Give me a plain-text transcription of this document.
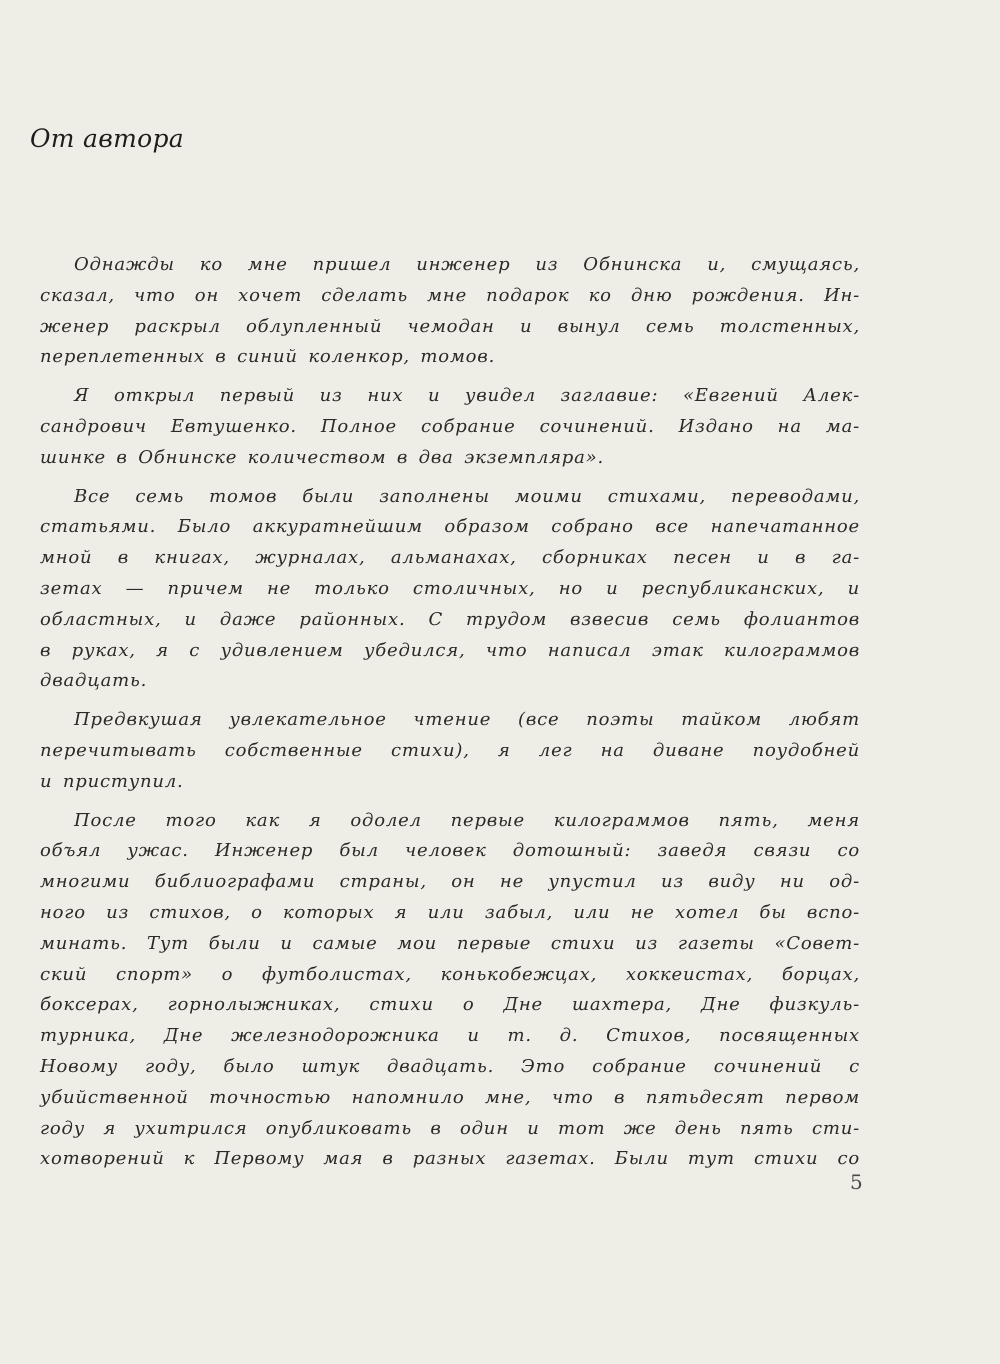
От автора
Однажды ко мне пришел инженер из Обнинска и, смущаясь,
сказал, что он хочет сделать мне подарок ко дню рождения. Ин-
женер раскрыл облупленный чемодан и вынул семь толстенных,
переплетенных в синий коленкор, томов.
Я открыл первый из них и увидел заглавие: «Евгений Алек-
сандрович Евтушенко. Полное собрание сочинений. Издано на ма-
шинке в Обнинске количеством в два экземпляра».
Все семь томов были заполнены моими стихами, переводами,
статьями. Было аккуратнейшим образом собрано все напечатанное
мной в книгах, журналах, альманахах, сборниках песен и в га-
зетах — причем не только столичных, но и республиканских, и
областных, и даже районных. С трудом взвесив семь фолиантов
в руках, я с удивлением убедился, что написал этак килограммов
двадцать.
Предвкушая увлекательное чтение (все поэты тайком любят
перечитывать собственные стихи), я лег на диване поудобней
и приступил.
После того как я одолел первые килограммов пять, меня
объял ужас. Инженер был человек дотошный: заведя связи со
многими библиографами страны, он не упустил из виду ни од-
ного из стихов, о которых я или забыл, или не хотел бы вспо-
минать. Тут были и самые мои первые стихи из газеты «Совет-
ский спорт» о футболистах, конькобежцах, хоккеистах, борцах,
боксерах, горнолыжниках, стихи о Дне шахтера, Дне физкуль-
турника, Дне железнодорожника и т. д. Стихов, посвященных
Новому году, было штук двадцать. Это собрание сочинений с
убийственной точностью напомнило мне, что в пятьдесят первом
году я ухитрился опубликовать в один и тот же день пять сти-
хотворений к Первому мая в разных газетах. Были тут стихи со
5
